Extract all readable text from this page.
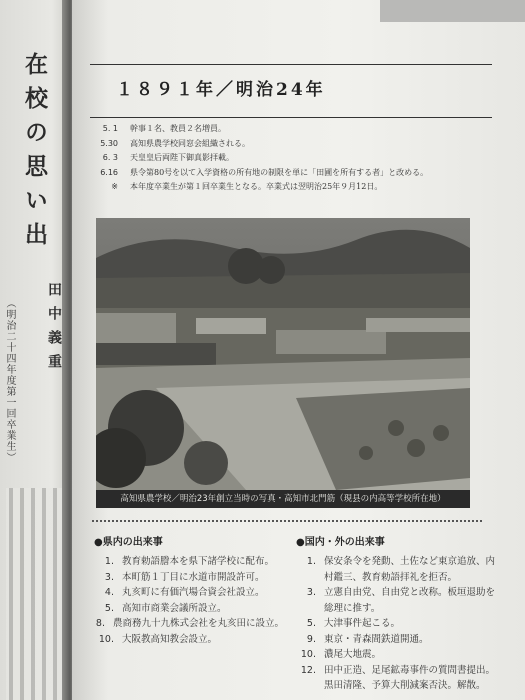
在校の思い出
（明治二十四年度第一回卒業生） 田中義重
１８９１年／明治24年
5. 1 幹事１名、教員２名増員。
5.30 高知県農学校同窓会組織される。
6. 3 天皇皇后両陛下御真影拝載。
6.16 県令第80号を以て入学資格の所有地の制限を単に「田圃を所有する者」と改める。
※ 本年度卒業生が第１回卒業生となる。卒業式は翌明治25年９月12日。
高知県農学校／明治23年創立当時の写真・高知市北門筋（現县の内高等学校所在地）
●県内の出来事
1. 教育勅語謄本を県下諸学校に配布。
3. 本町筋１丁目に水道市開設許可。
4. 丸亥町に有価汽場合資会社設立。
5. 高知市商業会議所設立。
8. 農商務九十九株式会社を丸亥田に設立。
10. 大阪教高知教会設立。
●国内・外の出来事
1. 保安条令を発動、土佐など東京追放、内
村鑑三、教育勅語拝礼を拒否。
3. 立憲自由党、自由党と改称。板垣退助を
総理に推す。
5. 大津事件起こる。
9. 東京・青森間鉄道開通。
10. 濃尾大地震。
12. 田中正造、足尾鉱毒事件の質問書提出。
黒田清隆、予算大削減案否決。解散。
